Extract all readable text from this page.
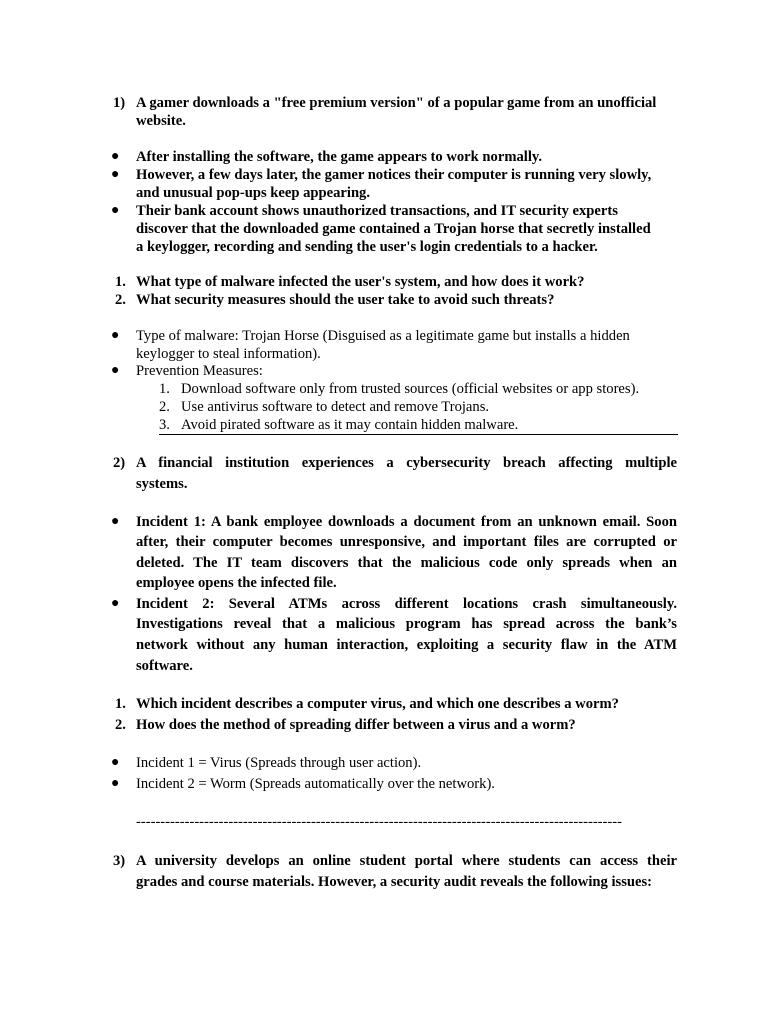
1) A gamer downloads a "free premium version" of a popular game from an unofficial
website.
● After installing the software, the game appears to work normally.
● However, a few days later, the gamer notices their computer is running very slowly,
and unusual pop-ups keep appearing.
● Their bank account shows unauthorized transactions, and IT security experts
discover that the downloaded game contained a Trojan horse that secretly installed
a keylogger, recording and sending the user's login credentials to a hacker.
1. What type of malware infected the user's system, and how does it work?
2. What security measures should the user take to avoid such threats?
● Type of malware: Trojan Horse (Disguised as a legitimate game but installs a hidden
keylogger to steal information).
● Prevention Measures:
1. Download software only from trusted sources (official websites or app stores).
2. Use antivirus software to detect and remove Trojans.
3. Avoid pirated software as it may contain hidden malware.
2) A financial institution experiences a cybersecurity breach affecting multiple
systems.
● Incident 1: A bank employee downloads a document from an unknown email. Soon
after, their computer becomes unresponsive, and important files are corrupted or
deleted. The IT team discovers that the malicious code only spreads when an
employee opens the infected file.
● Incident 2: Several ATMs across different locations crash simultaneously.
Investigations reveal that a malicious program has spread across the bank’s
network without any human interaction, exploiting a security flaw in the ATM
software.
1. Which incident describes a computer virus, and which one describes a worm?
2. How does the method of spreading differ between a virus and a worm?
● Incident 1 = Virus (Spreads through user action).
● Incident 2 = Worm (Spreads automatically over the network).
----------------------------------------------------------------------------------------------------
3) A university develops an online student portal where students can access their
grades and course materials. However, a security audit reveals the following issues:
